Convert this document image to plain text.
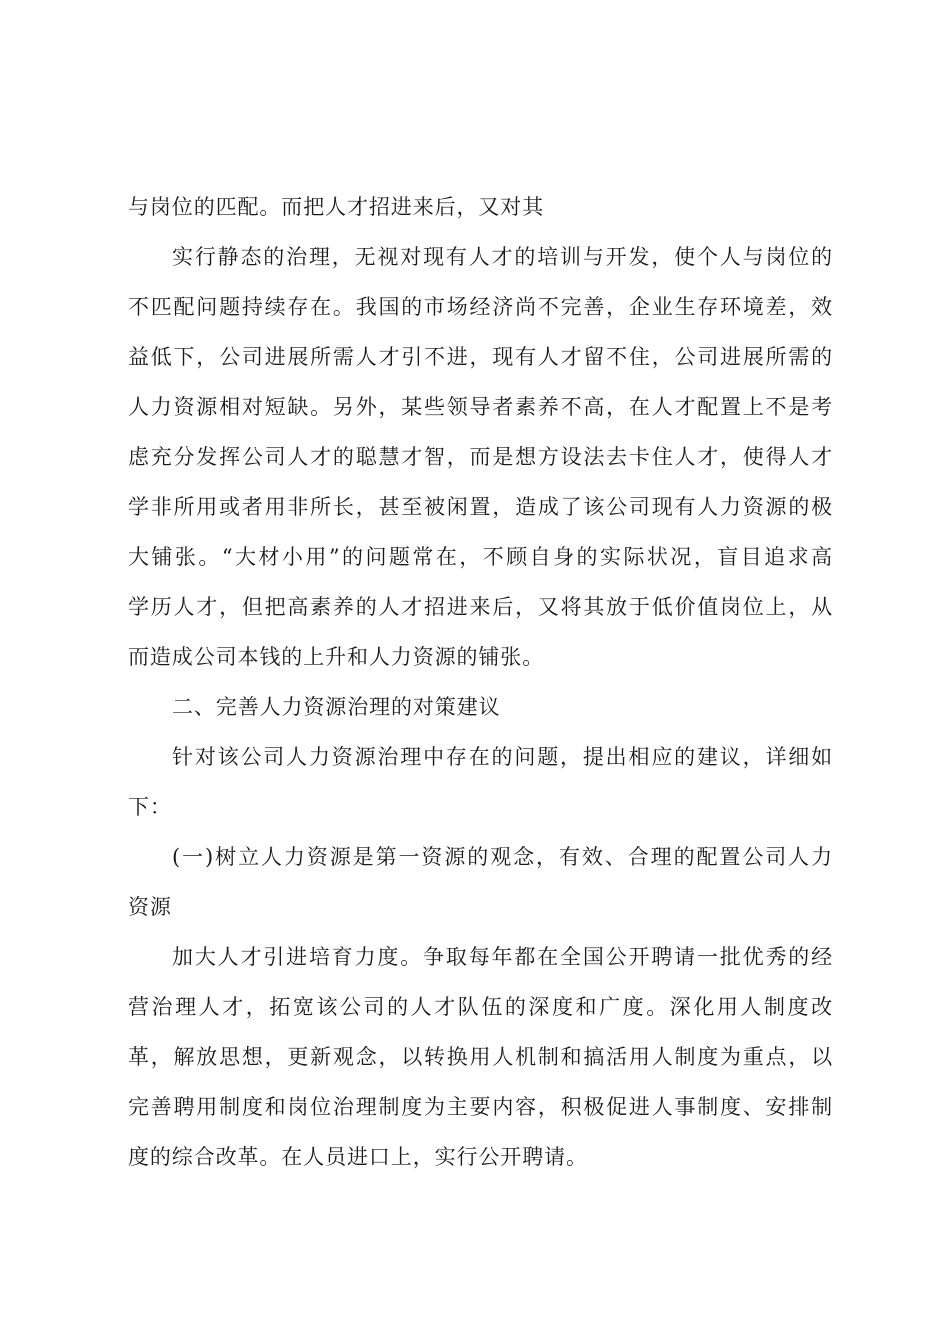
与岗位的匹配。而把人才招进来后，又对其
实行静态的治理，无视对现有人才的培训与开发，使个人与岗位的
不匹配问题持续存在。我国的市场经济尚不完善，企业生存环境差，效
益低下，公司进展所需人才引不进，现有人才留不住，公司进展所需的
人力资源相对短缺。另外，某些领导者素养不高，在人才配置上不是考
虑充分发挥公司人才的聪慧才智，而是想方设法去卡住人才，使得人才
学非所用或者用非所长，甚至被闲置，造成了该公司现有人力资源的极
大铺张。“大材小用”的问题常在，不顾自身的实际状况，盲目追求高
学历人才，但把高素养的人才招进来后，又将其放于低价值岗位上，从
而造成公司本钱的上升和人力资源的铺张。
二、完善人力资源治理的对策建议
针对该公司人力资源治理中存在的问题，提出相应的建议，详细如
下：
(一)树立人力资源是第一资源的观念，有效、合理的配置公司人力
资源
加大人才引进培育力度。争取每年都在全国公开聘请一批优秀的经
营治理人才，拓宽该公司的人才队伍的深度和广度。深化用人制度改
革，解放思想，更新观念，以转换用人机制和搞活用人制度为重点，以
完善聘用制度和岗位治理制度为主要内容，积极促进人事制度、安排制
度的综合改革。在人员进口上，实行公开聘请。
